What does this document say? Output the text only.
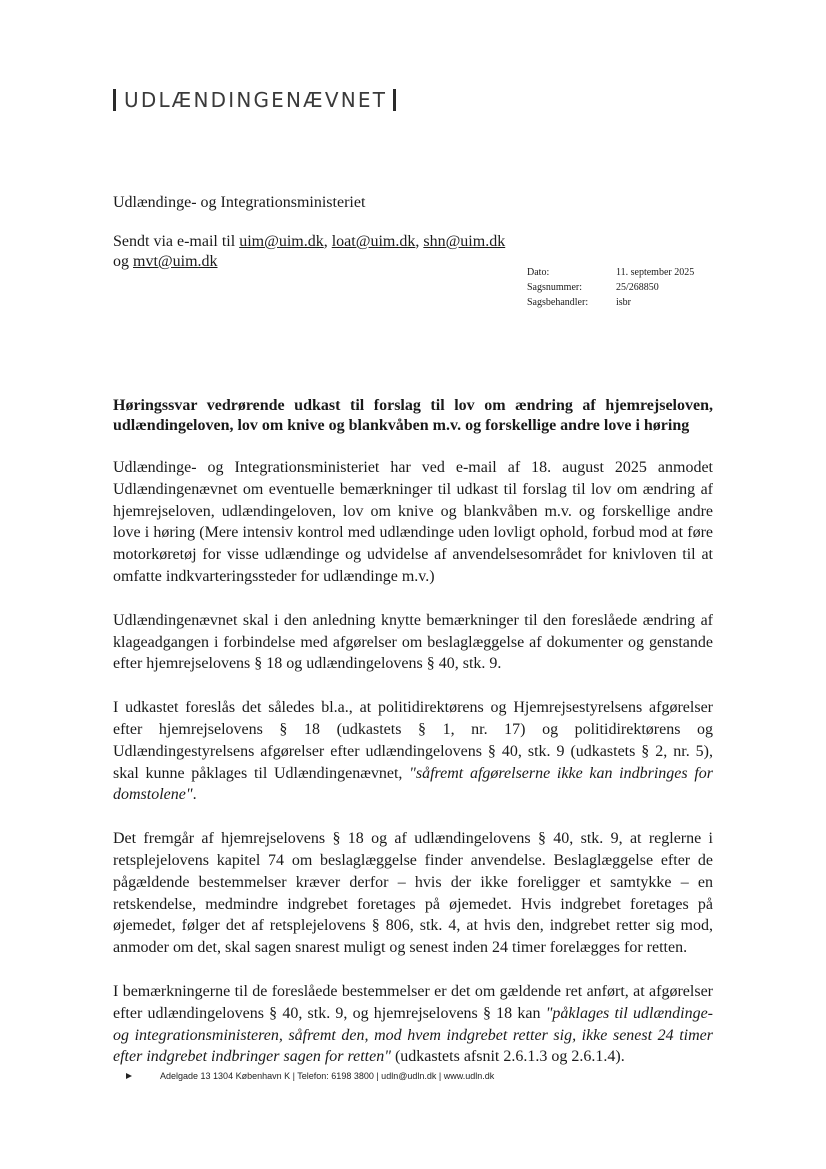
UDLÆNDINGENÆVNET
Udlændinge- og Integrationsministeriet
Sendt via e-mail til uim@uim.dk, loat@uim.dk, shn@uim.dk
og mvt@uim.dk
Dato:	11. september 2025
Sagsnummer:	25/268850
Sagsbehandler:	isbr
Høringssvar vedrørende udkast til forslag til lov om ændring af hjemrejseloven, udlændingeloven, lov om knive og blankvåben m.v. og forskellige andre love i høring

Udlændinge- og Integrationsministeriet har ved e-mail af 18. august 2025 anmodet Udlændingenævnet om eventuelle bemærkninger til udkast til forslag til lov om ændring af hjemrejseloven, udlændingeloven, lov om knive og blankvåben m.v. og forskellige andre love i høring (Mere intensiv kontrol med udlændinge uden lovligt ophold, forbud mod at føre motorkøretøj for visse udlændinge og udvidelse af anvendelsesområdet for knivloven til at omfatte indkvarteringssteder for udlændinge m.v.)

Udlændingenævnet skal i den anledning knytte bemærkninger til den foreslåede ændring af klageadgangen i forbindelse med afgørelser om beslaglæggelse af dokumenter og genstande efter hjemrejselovens § 18 og udlændingelovens § 40, stk. 9.

I udkastet foreslås det således bl.a., at politidirektørens og Hjemrejsestyrelsens afgørelser efter hjemrejselovens § 18 (udkastets § 1, nr. 17) og politidirektørens og Udlændingestyrelsens afgørelser efter udlændingelovens § 40, stk. 9 (udkastets § 2, nr. 5), skal kunne påklages til Udlændingenævnet, "såfremt afgørelserne ikke kan indbringes for domstolene".

Det fremgår af hjemrejselovens § 18 og af udlændingelovens § 40, stk. 9, at reglerne i retsplejelovens kapitel 74 om beslaglæggelse finder anvendelse. Beslaglæggelse efter de pågældende bestemmelser kræver derfor – hvis der ikke foreligger et samtykke – en retskendelse, medmindre indgrebet foretages på øjemedet. Hvis indgrebet foretages på øjemedet, følger det af retsplejelovens § 806, stk. 4, at hvis den, indgrebet retter sig mod, anmoder om det, skal sagen snarest muligt og senest inden 24 timer forelægges for retten.

I bemærkningerne til de foreslåede bestemmelser er det om gældende ret anført, at afgørelser efter udlændingelovens § 40, stk. 9, og hjemrejselovens § 18 kan "påklages til udlændinge- og integrationsministeren, såfremt den, mod hvem indgrebet retter sig, ikke senest 24 timer efter indgrebet indbringer sagen for retten" (udkastets afsnit 2.6.1.3 og 2.6.1.4).

Adelgade 13 1304 København K | Telefon: 6198 3800 | udln@udln.dk | www.udln.dk
